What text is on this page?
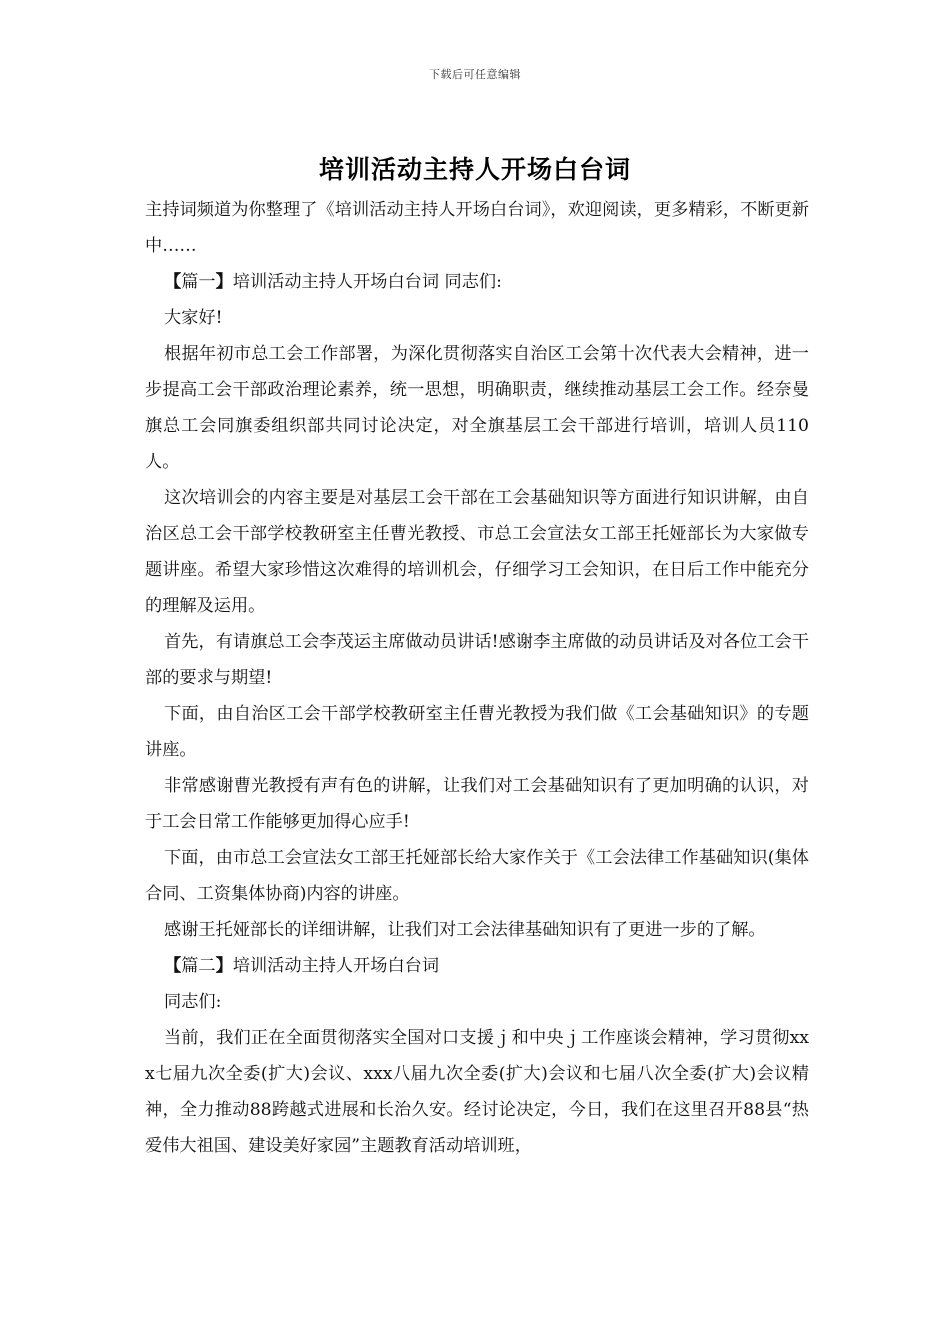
下载后可任意编辑
培训活动主持人开场白台词

主持词频道为你整理了《培训活动主持人开场白台词》，欢迎阅读，更多精彩，不断更新中……

【篇一】培训活动主持人开场白台词 同志们:

大家好!

根据年初市总工会工作部署，为深化贯彻落实自治区工会第十次代表大会精神，进一步提高工会干部政治理论素养，统一思想，明确职责，继续推动基层工会工作。经奈曼旗总工会同旗委组织部共同讨论决定，对全旗基层工会干部进行培训，培训人员110人。

这次培训会的内容主要是对基层工会干部在工会基础知识等方面进行知识讲解，由自治区总工会干部学校教研室主任曹光教授、市总工会宣法女工部王托娅部长为大家做专题讲座。希望大家珍惜这次难得的培训机会，仔细学习工会知识，在日后工作中能充分的理解及运用。

首先，有请旗总工会李茂运主席做动员讲话!感谢李主席做的动员讲话及对各位工会干部的要求与期望!

下面，由自治区工会干部学校教研室主任曹光教授为我们做《工会基础知识》的专题讲座。

非常感谢曹光教授有声有色的讲解，让我们对工会基础知识有了更加明确的认识，对于工会日常工作能够更加得心应手!

下面，由市总工会宣法女工部王托娅部长给大家作关于《工会法律工作基础知识(集体合同、工资集体协商)内容的讲座。

感谢王托娅部长的详细讲解，让我们对工会法律基础知识有了更进一步的了解。

【篇二】培训活动主持人开场白台词

同志们:

当前，我们正在全面贯彻落实全国对口支援ｊ和中央ｊ工作座谈会精神，学习贯彻xxx七届九次全委(扩大)会议、xxx八届九次全委(扩大)会议和七届八次全委(扩大)会议精神，全力推动88跨越式进展和长治久安。经讨论决定，今日，我们在这里召开88县“热爱伟大祖国、建设美好家园”主题教育活动培训班，
